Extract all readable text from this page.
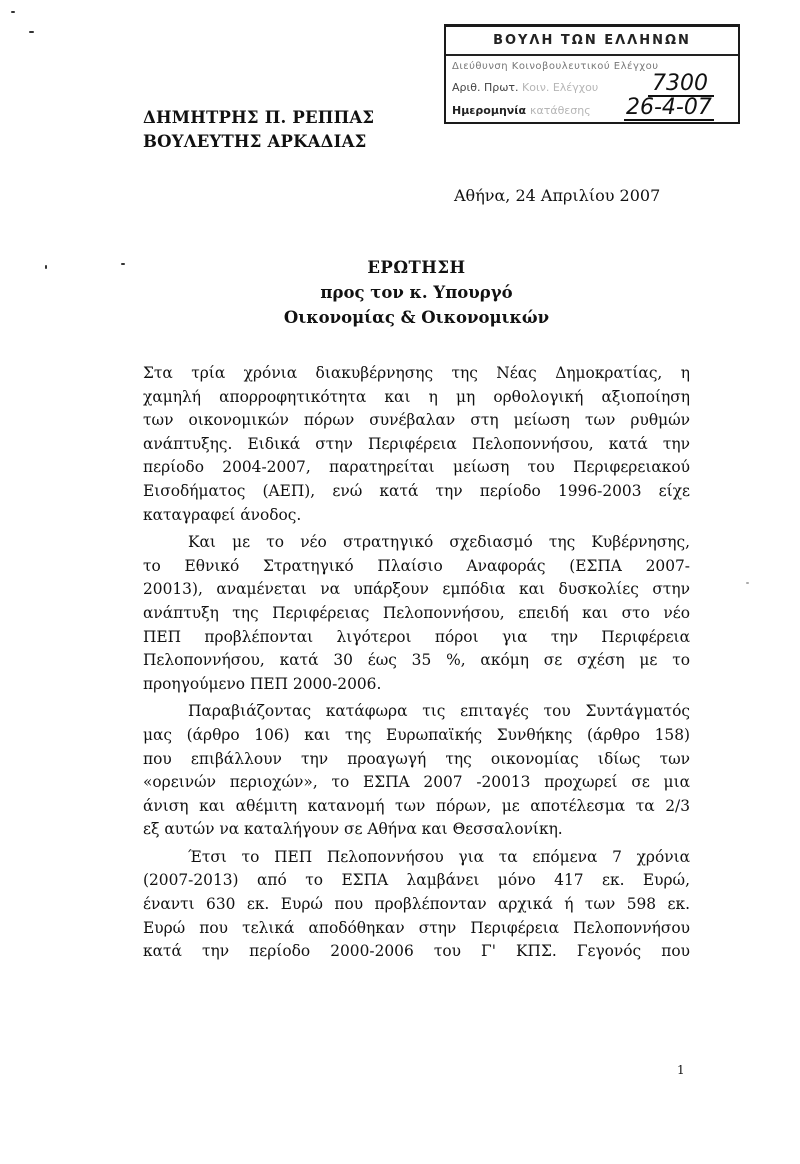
ΒΟΥΛΗ ΤΩΝ ΕΛΛΗΝΩΝ
Διεύθυνση Κοινοβουλευτικού Ελέγχου
Αριθ. Πρωτ. Κοιν. Ελέγχου
Ημερομηνία κατάθεσης
7300
26-4-07
ΔΗΜΗΤΡΗΣ Π. ΡΕΠΠΑΣ
ΒΟΥΛΕΥΤΗΣ ΑΡΚΑΔΙΑΣ
Αθήνα, 24 Απριλίου 2007
ΕΡΩΤΗΣΗ
προς τον κ. Υπουργό
Οικονομίας & Οικονομικών
Στα τρία χρόνια διακυβέρνησης της Νέας Δημοκρατίας, η
χαμηλή απορροφητικότητα και η μη ορθολογική αξιοποίηση
των οικονομικών πόρων συνέβαλαν στη μείωση των ρυθμών
ανάπτυξης. Ειδικά στην Περιφέρεια Πελοποννήσου, κατά την
περίοδο 2004-2007, παρατηρείται μείωση του Περιφερειακού
Εισοδήματος (ΑΕΠ), ενώ κατά την περίοδο 1996-2003 είχε
καταγραφεί άνοδος.
Και με το νέο στρατηγικό σχεδιασμό της Κυβέρνησης,
το Εθνικό Στρατηγικό Πλαίσιο Αναφοράς (ΕΣΠΑ 2007-
20013), αναμένεται να υπάρξουν εμπόδια και δυσκολίες στην
ανάπτυξη της Περιφέρειας Πελοποννήσου, επειδή και στο νέο
ΠΕΠ προβλέπονται λιγότεροι πόροι για την Περιφέρεια
Πελοποννήσου, κατά 30 έως 35 %, ακόμη σε σχέση με το
προηγούμενο ΠΕΠ 2000-2006.
Παραβιάζοντας κατάφωρα τις επιταγές του Συντάγματός
μας (άρθρο 106) και της Ευρωπαϊκής Συνθήκης (άρθρο 158)
που επιβάλλουν την προαγωγή της οικονομίας ιδίως των
«ορεινών περιοχών», το ΕΣΠΑ 2007 -20013 προχωρεί σε μια
άνιση και αθέμιτη κατανομή των πόρων, με αποτέλεσμα τα 2/3
εξ αυτών να καταλήγουν σε Αθήνα και Θεσσαλονίκη.
Έτσι το ΠΕΠ Πελοποννήσου για τα επόμενα 7 χρόνια
(2007-2013) από το ΕΣΠΑ λαμβάνει μόνο 417 εκ. Ευρώ,
έναντι 630 εκ. Ευρώ που προβλέπονταν αρχικά ή των 598 εκ.
Ευρώ που τελικά αποδόθηκαν στην Περιφέρεια Πελοποννήσου
κατά την περίοδο 2000-2006 του Γ' ΚΠΣ. Γεγονός που
1
